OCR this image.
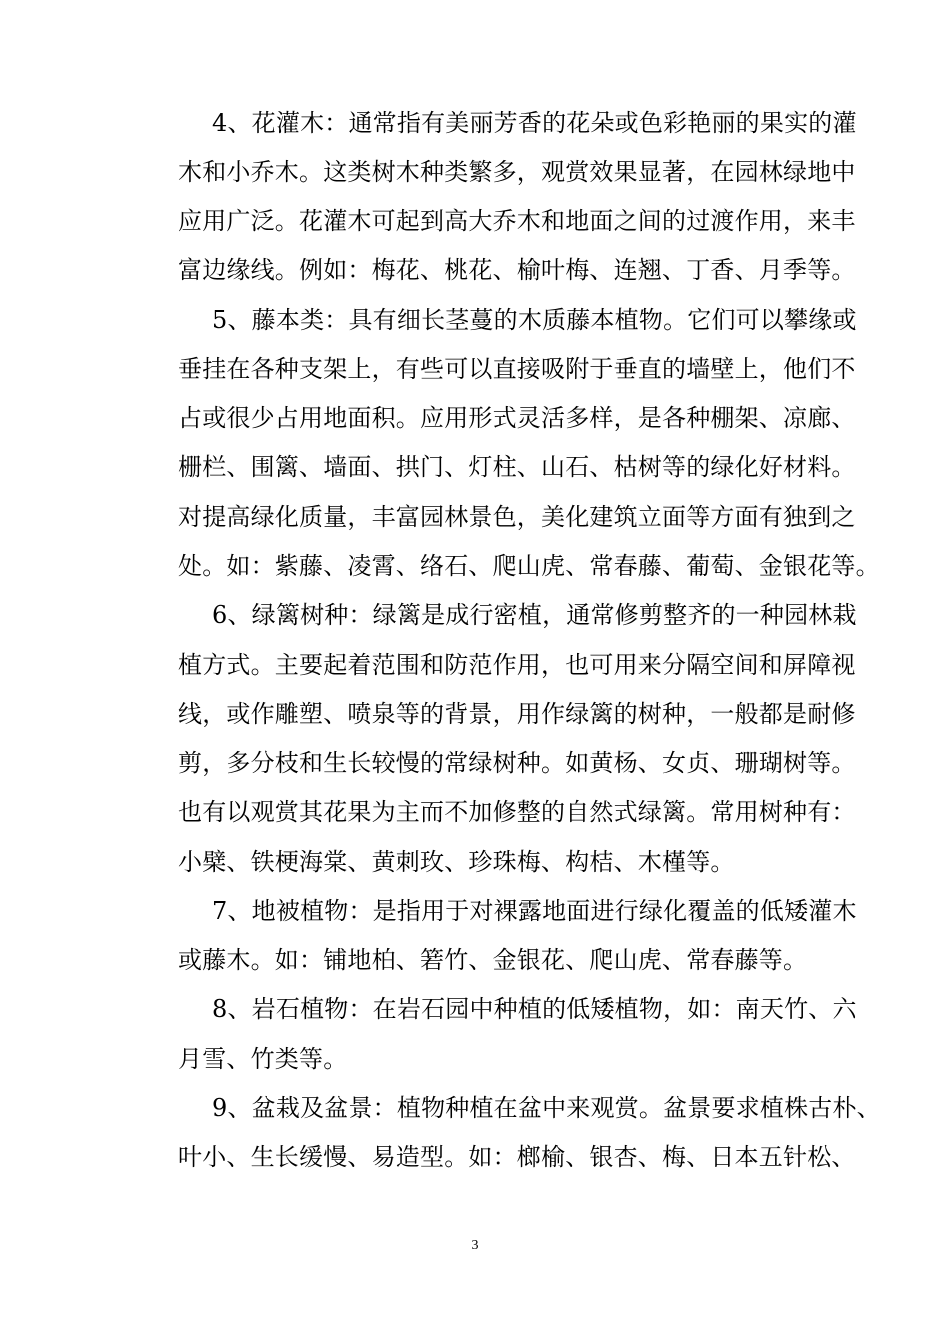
4、花灌木：通常指有美丽芳香的花朵或色彩艳丽的果实的灌
木和小乔木。这类树木种类繁多，观赏效果显著，在园林绿地中
应用广泛。花灌木可起到高大乔木和地面之间的过渡作用，来丰
富边缘线。例如：梅花、桃花、榆叶梅、连翘、丁香、月季等。
5、藤本类：具有细长茎蔓的木质藤本植物。它们可以攀缘或
垂挂在各种支架上，有些可以直接吸附于垂直的墙壁上，他们不
占或很少占用地面积。应用形式灵活多样，是各种棚架、凉廊、
栅栏、围篱、墙面、拱门、灯柱、山石、枯树等的绿化好材料。
对提高绿化质量，丰富园林景色，美化建筑立面等方面有独到之
处。如：紫藤、凌霄、络石、爬山虎、常春藤、葡萄、金银花等。
6、绿篱树种：绿篱是成行密植，通常修剪整齐的一种园林栽
植方式。主要起着范围和防范作用，也可用来分隔空间和屏障视
线，或作雕塑、喷泉等的背景，用作绿篱的树种，一般都是耐修
剪，多分枝和生长较慢的常绿树种。如黄杨、女贞、珊瑚树等。
也有以观赏其花果为主而不加修整的自然式绿篱。常用树种有：
小檗、铁梗海棠、黄刺玫、珍珠梅、构桔、木槿等。
7、地被植物：是指用于对裸露地面进行绿化覆盖的低矮灌木
或藤木。如：铺地柏、箬竹、金银花、爬山虎、常春藤等。
8、岩石植物：在岩石园中种植的低矮植物，如：南天竹、六
月雪、竹类等。
9、盆栽及盆景：植物种植在盆中来观赏。盆景要求植株古朴、
叶小、生长缓慢、易造型。如：榔榆、银杏、梅、日本五针松、
3
